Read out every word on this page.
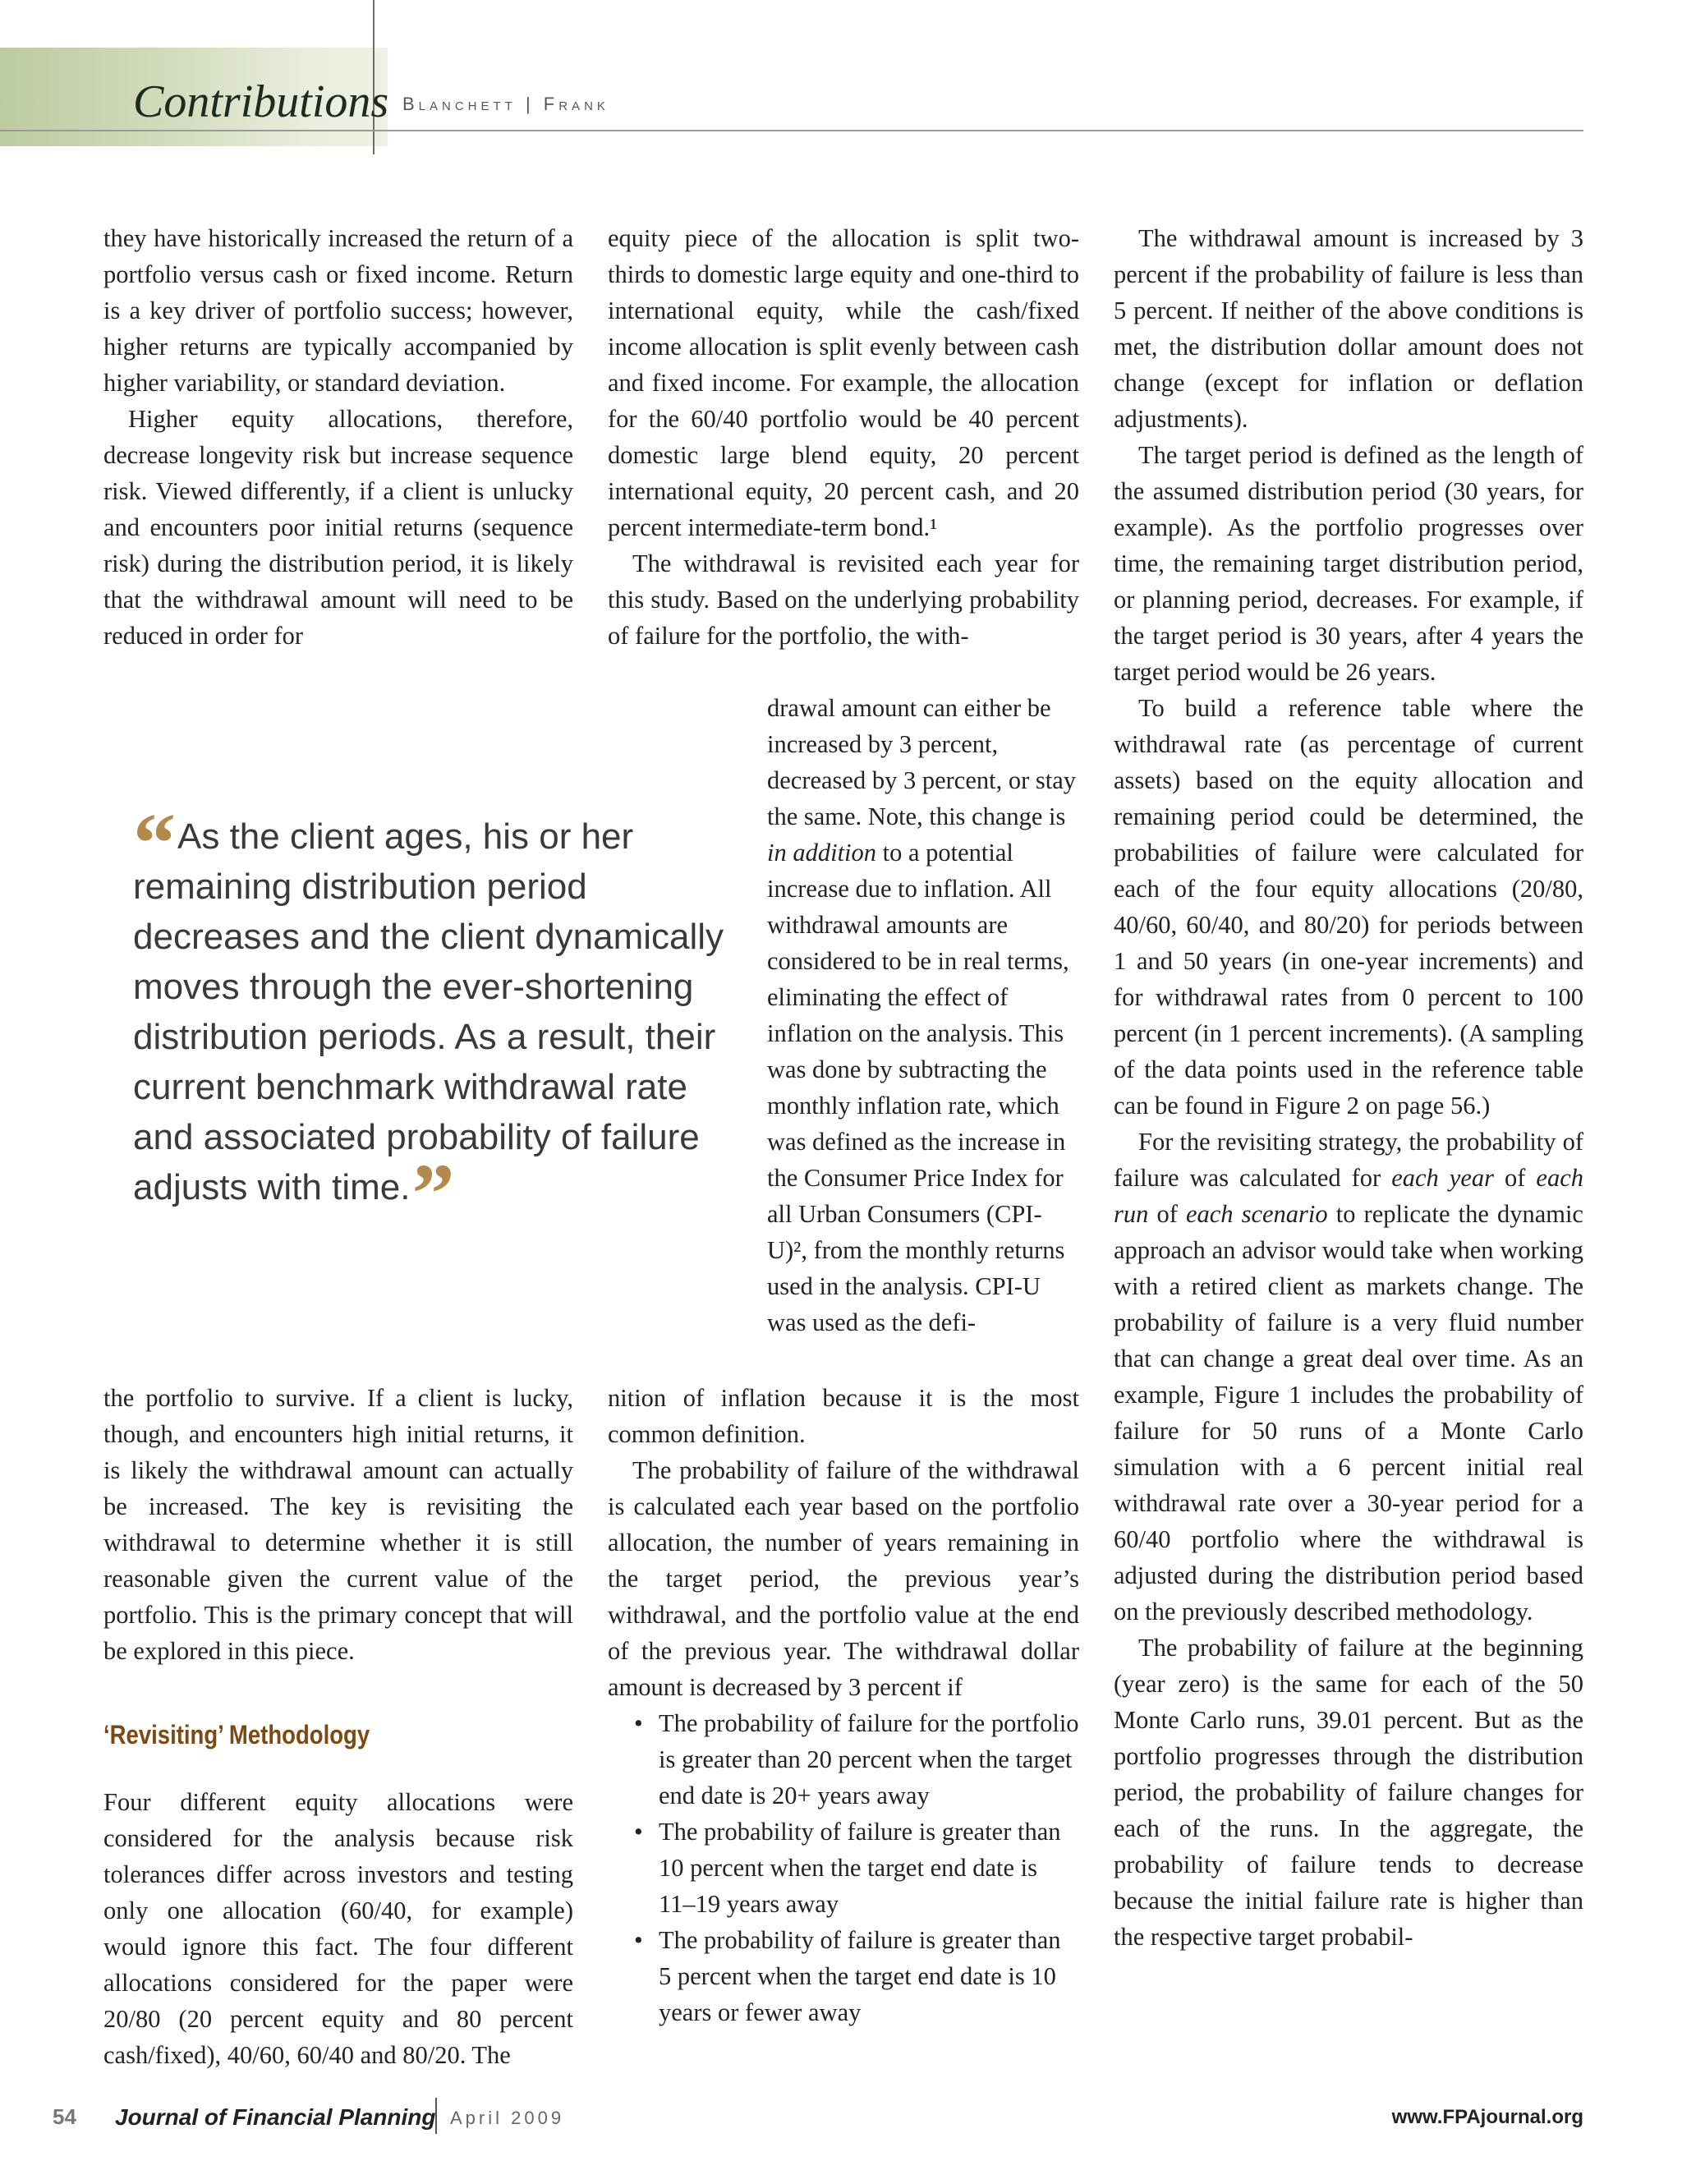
Contributions Blanchett | Frank

they have historically increased the return of a portfolio versus cash or fixed income. Return is a key driver of portfolio success; however, higher returns are typically accompanied by higher variability, or standard deviation.

Higher equity allocations, therefore, decrease longevity risk but increase sequence risk. Viewed differently, if a client is unlucky and encounters poor initial returns (sequence risk) during the distribution period, it is likely that the withdrawal amount will need to be reduced in order for

“As the client ages, his or her remaining distribution period decreases and the client dynamically moves through the ever-shortening distribution periods. As a result, their current benchmark withdrawal rate and associated probability of failure adjusts with time.”

the portfolio to survive. If a client is lucky, though, and encounters high initial returns, it is likely the withdrawal amount can actually be increased. The key is revisiting the withdrawal to determine whether it is still reasonable given the current value of the portfolio. This is the primary concept that will be explored in this piece.

‘Revisiting’ Methodology

Four different equity allocations were considered for the analysis because risk tolerances differ across investors and testing only one allocation (60/40, for example) would ignore this fact. The four different allocations considered for the paper were 20/80 (20 percent equity and 80 percent cash/fixed), 40/60, 60/40 and 80/20. The

equity piece of the allocation is split two-thirds to domestic large equity and one-third to international equity, while the cash/fixed income allocation is split evenly between cash and fixed income. For example, the allocation for the 60/40 portfolio would be 40 percent domestic large blend equity, 20 percent international equity, 20 percent cash, and 20 percent intermediate-term bond.¹

The withdrawal is revisited each year for this study. Based on the underlying probability of failure for the portfolio, the with-

drawal amount can either be increased by 3 percent, decreased by 3 percent, or stay the same. Note, this change is in addition to a potential increase due to inflation. All withdrawal amounts are considered to be in real terms, eliminating the effect of inflation on the analysis. This was done by subtracting the monthly inflation rate, which was defined as the increase in the Consumer Price Index for all Urban Consumers (CPI-U)², from the monthly returns used in the analysis. CPI-U was used as the defi-

nition of inflation because it is the most common definition.

The probability of failure of the withdrawal is calculated each year based on the portfolio allocation, the number of years remaining in the target period, the previous year’s withdrawal, and the portfolio value at the end of the previous year. The withdrawal dollar amount is decreased by 3 percent if

• The probability of failure for the portfolio is greater than 20 percent when the target end date is 20+ years away
• The probability of failure is greater than 10 percent when the target end date is 11–19 years away
• The probability of failure is greater than 5 percent when the target end date is 10 years or fewer away

The withdrawal amount is increased by 3 percent if the probability of failure is less than 5 percent. If neither of the above conditions is met, the distribution dollar amount does not change (except for inflation or deflation adjustments).

The target period is defined as the length of the assumed distribution period (30 years, for example). As the portfolio progresses over time, the remaining target distribution period, or planning period, decreases. For example, if the target period is 30 years, after 4 years the target period would be 26 years.

To build a reference table where the withdrawal rate (as percentage of current assets) based on the equity allocation and remaining period could be determined, the probabilities of failure were calculated for each of the four equity allocations (20/80, 40/60, 60/40, and 80/20) for periods between 1 and 50 years (in one-year increments) and for withdrawal rates from 0 percent to 100 percent (in 1 percent increments). (A sampling of the data points used in the reference table can be found in Figure 2 on page 56.)

For the revisiting strategy, the probability of failure was calculated for each year of each run of each scenario to replicate the dynamic approach an advisor would take when working with a retired client as markets change. The probability of failure is a very fluid number that can change a great deal over time. As an example, Figure 1 includes the probability of failure for 50 runs of a Monte Carlo simulation with a 6 percent initial real withdrawal rate over a 30-year period for a 60/40 portfolio where the withdrawal is adjusted during the distribution period based on the previously described methodology.

The probability of failure at the beginning (year zero) is the same for each of the 50 Monte Carlo runs, 39.01 percent. But as the portfolio progresses through the distribution period, the probability of failure changes for each of the runs. In the aggregate, the probability of failure tends to decrease because the initial failure rate is higher than the respective target probabil-

54 Journal of Financial Planning April 2009	www.FPAjournal.org
